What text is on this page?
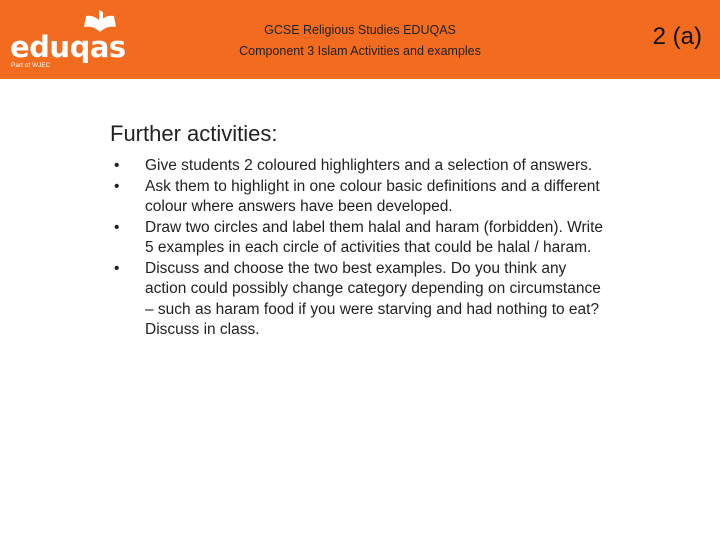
eduqas
Part of WJEC
GCSE Religious Studies EDUQAS
Component 3 Islam Activities and examples
2 (a)
Further activities:
• Give students 2 coloured highlighters and a selection of answers.
• Ask them to highlight in one colour basic definitions and a different colour where answers have been developed.
• Draw two circles and label them halal and haram (forbidden). Write 5 examples in each circle of activities that could be halal / haram.
• Discuss and choose the two best examples. Do you think any action could possibly change category depending on circumstance – such as haram food if you were starving and had nothing to eat? Discuss in class.
